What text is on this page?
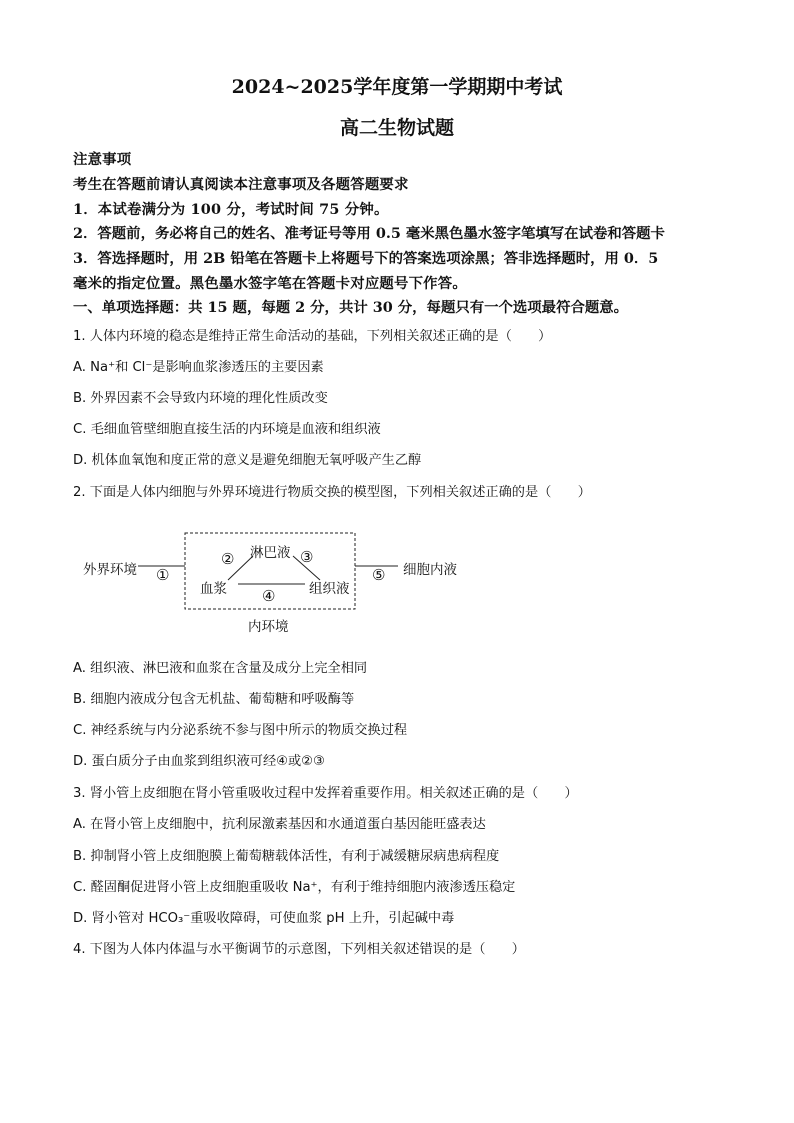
2024~2025学年度第一学期期中考试
高二生物试题
注意事项
考生在答题前请认真阅读本注意事项及各题答题要求
1．本试卷满分为 100 分，考试时间 75 分钟。
2．答题前，务必将自己的姓名、准考证号等用 0.5 毫米黑色墨水签字笔填写在试卷和答题卡
3．答选择题时，用 2B 铅笔在答题卡上将题号下的答案选项涂黑；答非选择题时，用 0．5
毫米的指定位置。黑色墨水签字笔在答题卡对应题号下作答。
一、单项选择题：共 15 题，每题 2 分，共计 30 分，每题只有一个选项最符合题意。
1. 人体内环境的稳态是维持正常生命活动的基础，下列相关叙述正确的是（　　）
A. Na⁺和 Cl⁻是影响血浆渗透压的主要因素
B. 外界因素不会导致内环境的理化性质改变
C. 毛细血管壁细胞直接生活的内环境是血液和组织液
D. 机体血氧饱和度正常的意义是避免细胞无氧呼吸产生乙醇
2. 下面是人体内细胞与外界环境进行物质交换的模型图，下列相关叙述正确的是（　　）
外界环境 ①
淋巴液
②	③
血浆	组织液
④
⑤ 细胞内液
内环境
A. 组织液、淋巴液和血浆在含量及成分上完全相同
B. 细胞内液成分包含无机盐、葡萄糖和呼吸酶等
C. 神经系统与内分泌系统不参与图中所示的物质交换过程
D. 蛋白质分子由血浆到组织液可经④或②③
3. 肾小管上皮细胞在肾小管重吸收过程中发挥着重要作用。相关叙述正确的是（　　）
A. 在肾小管上皮细胞中，抗利尿激素基因和水通道蛋白基因能旺盛表达
B. 抑制肾小管上皮细胞膜上葡萄糖载体活性，有利于减缓糖尿病患病程度
C. 醛固酮促进肾小管上皮细胞重吸收 Na⁺，有利于维持细胞内液渗透压稳定
D. 肾小管对 HCO₃⁻重吸收障碍，可使血浆 pH 上升，引起碱中毒
4. 下图为人体内体温与水平衡调节的示意图，下列相关叙述错误的是（　　）
